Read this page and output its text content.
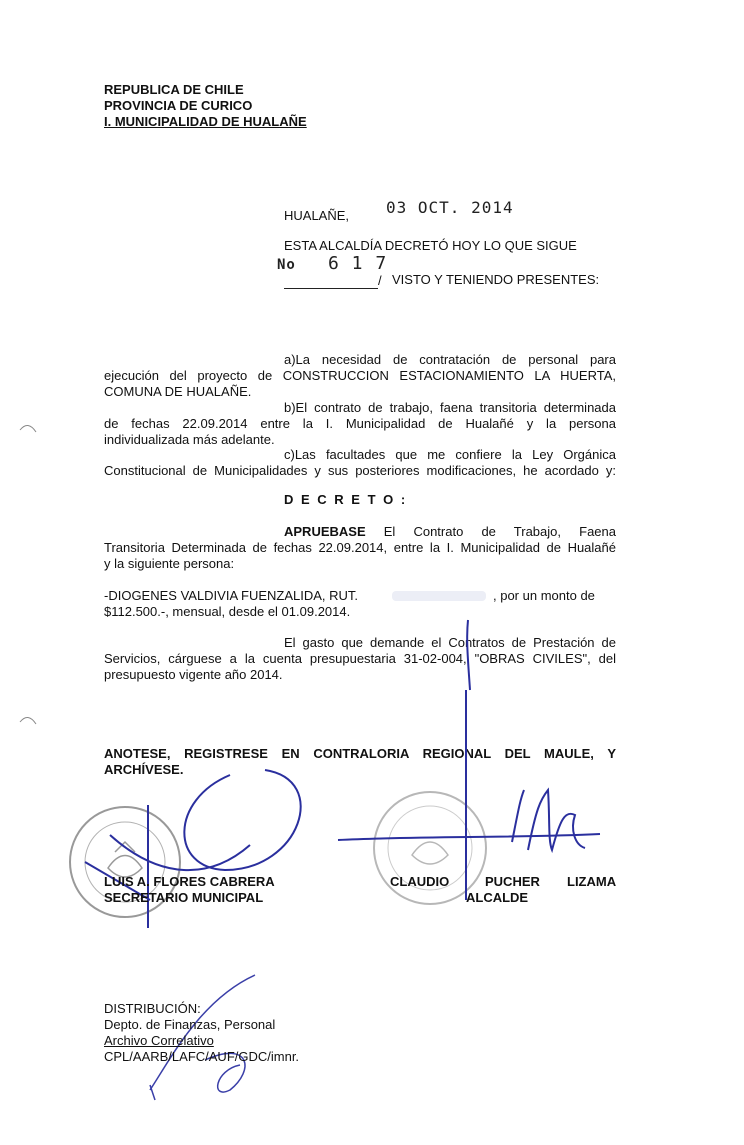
REPUBLICA DE CHILE
PROVINCIA DE CURICO
I. MUNICIPALIDAD DE HUALAÑE
HUALAÑE, 03 OCT. 2014
ESTA ALCALDÍA DECRETÓ HOY LO QUE SIGUE
No 6 1 7
/ VISTO Y TENIENDO PRESENTES:
a)La necesidad de contratación de personal para
ejecución del proyecto de CONSTRUCCION ESTACIONAMIENTO LA HUERTA,
COMUNA DE HUALAÑE.
b)El contrato de trabajo, faena transitoria determinada
de fechas 22.09.2014 entre la I. Municipalidad de Hualañé y la persona
individualizada más adelante.
c)Las facultades que me confiere la Ley Orgánica
Constitucional de Municipalidades y sus posteriores modificaciones, he acordado y:
D E C R E T O :
APRUEBASE El Contrato de Trabajo, Faena
Transitoria Determinada de fechas 22.09.2014, entre la I. Municipalidad de Hualañé
y la siguiente persona:
-DIOGENES VALDIVIA FUENZALIDA, RUT.	, por un monto de
$112.500.-, mensual, desde el 01.09.2014.
El gasto que demande el Contratos de Prestación de
Servicios, cárguese a la cuenta presupuestaria 31-02-004, "OBRAS CIVILES", del
presupuesto vigente año 2014.
ANOTESE, REGISTRESE EN CONTRALORIA REGIONAL DEL MAULE, Y
ARCHÍVESE.
LUIS A. FLORES CABRERA
SECRETARIO MUNICIPAL
CLAUDIO	PUCHER LIZAMA
ALCALDE
DISTRIBUCIÓN:
Depto. de Finanzas, Personal
Archivo Correlativo
CPL/AARB/LAFC/AUF/GDC/imnr.
